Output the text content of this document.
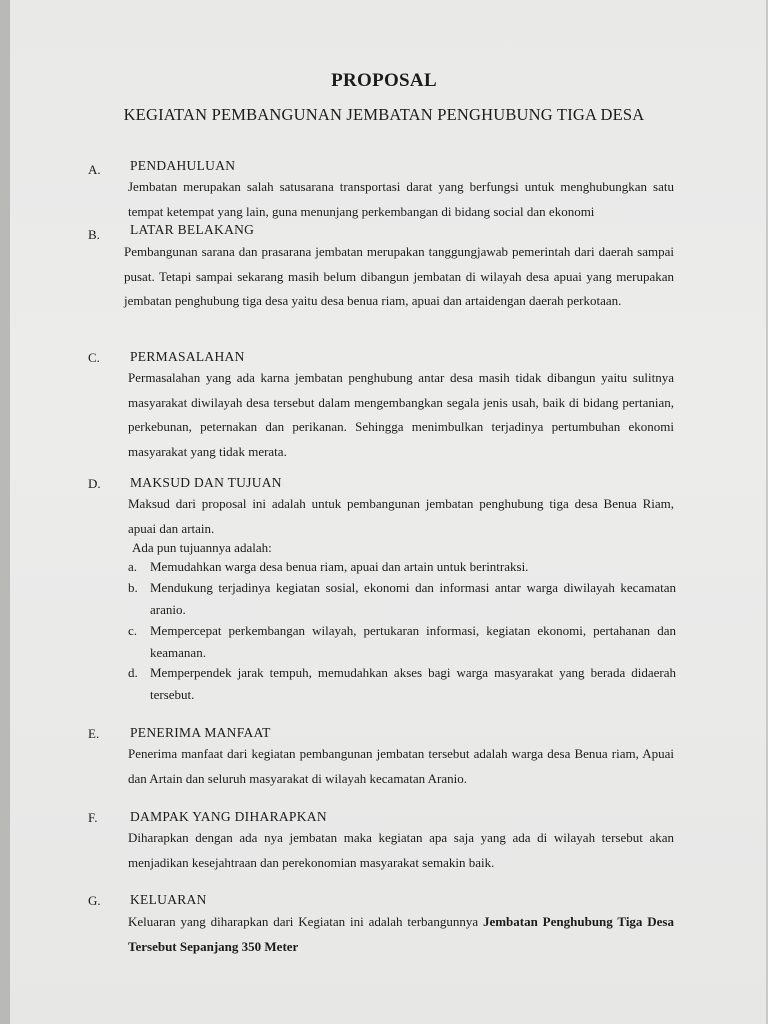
PROPOSAL
KEGIATAN PEMBANGUNAN JEMBATAN PENGHUBUNG TIGA DESA
A. PENDAHULUAN
Jembatan merupakan salah satusarana transportasi darat yang berfungsi untuk menghubungkan satu tempat ketempat yang lain, guna menunjang perkembangan di bidang social dan ekonomi
B. LATAR BELAKANG
Pembangunan sarana dan prasarana jembatan merupakan tanggungjawab pemerintah dari daerah sampai pusat. Tetapi sampai sekarang masih belum dibangun jembatan di wilayah desa apuai yang merupakan jembatan penghubung tiga desa yaitu desa benua riam, apuai dan artaidengan daerah perkotaan.
C. PERMASALAHAN
Permasalahan yang ada karna jembatan penghubung antar desa masih tidak dibangun yaitu sulitnya masyarakat diwilayah desa tersebut dalam mengembangkan segala jenis usah, baik di bidang pertanian, perkebunan, peternakan dan perikanan. Sehingga menimbulkan terjadinya pertumbuhan ekonomi masyarakat yang tidak merata.
D. MAKSUD DAN TUJUAN
Maksud dari proposal ini adalah untuk pembangunan jembatan penghubung tiga desa Benua Riam, apuai dan artain.
Ada pun tujuannya adalah:
a. Memudahkan warga desa benua riam, apuai dan artain untuk berintraksi.
b. Mendukung terjadinya kegiatan sosial, ekonomi dan informasi antar warga diwilayah kecamatan aranio.
c. Mempercepat perkembangan wilayah, pertukaran informasi, kegiatan ekonomi, pertahanan dan keamanan.
d. Memperpendek jarak tempuh, memudahkan akses bagi warga masyarakat yang berada didaerah tersebut.
E. PENERIMA MANFAAT
Penerima manfaat dari kegiatan pembangunan jembatan tersebut adalah warga desa Benua riam, Apuai dan Artain dan seluruh masyarakat di wilayah kecamatan Aranio.
F. DAMPAK YANG DIHARAPKAN
Diharapkan dengan ada nya jembatan maka kegiatan apa saja yang ada di wilayah tersebut akan menjadikan kesejahtraan dan perekonomian masyarakat semakin baik.
G. KELUARAN
Keluaran yang diharapkan dari Kegiatan ini adalah terbangunnya Jembatan Penghubung Tiga Desa Tersebut Sepanjang 350 Meter
